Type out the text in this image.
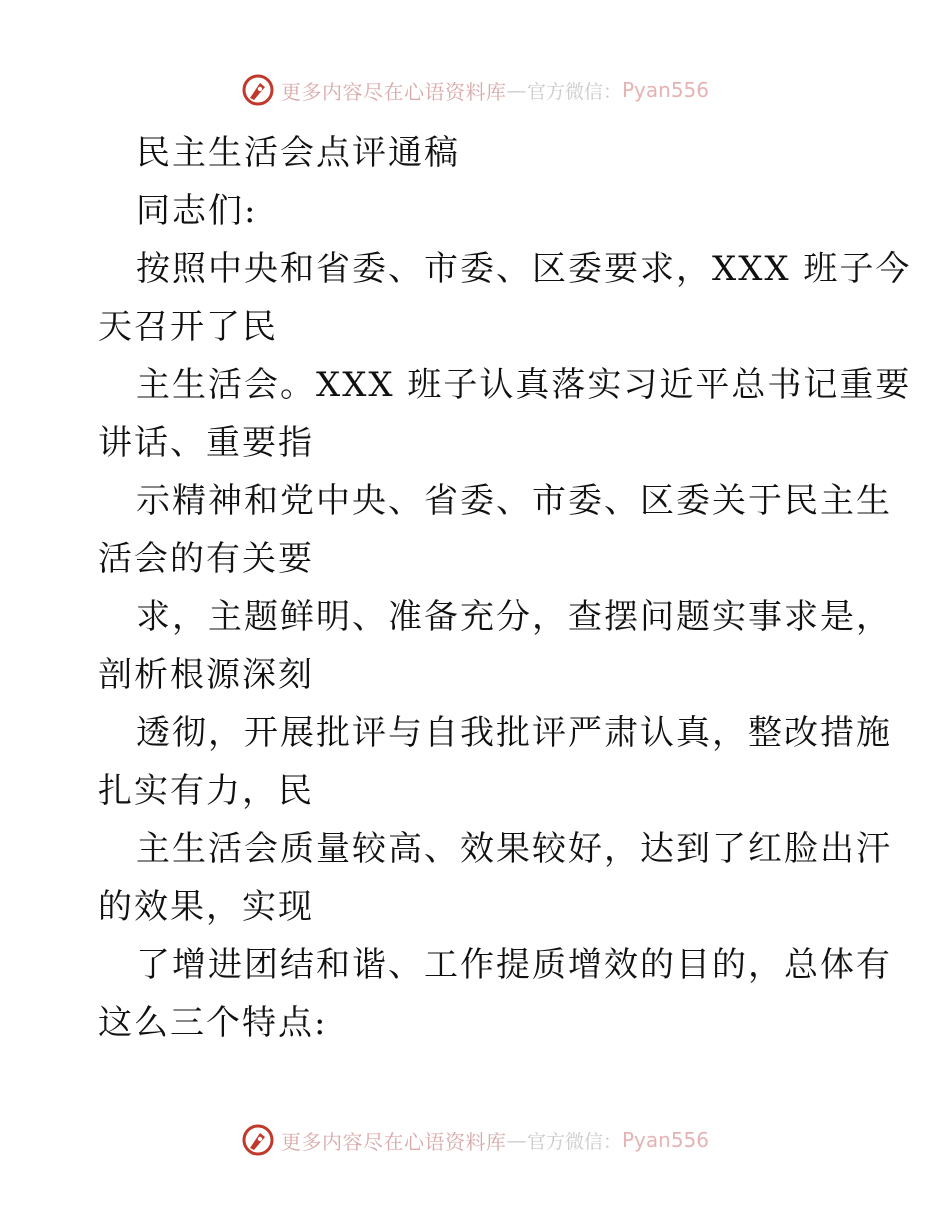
更多内容尽在心语资料库 — 官方微信： Pyan556
民主生活会点评通稿
同志们:
按照中央和省委、市委、区委要求，XXX 班子今
天召开了民
主生活会。XXX 班子认真落实习近平总书记重要
讲话、重要指
示精神和党中央、省委、市委、区委关于民主生
活会的有关要
求，主题鲜明、准备充分，查摆问题实事求是，
剖析根源深刻
透彻，开展批评与自我批评严肃认真，整改措施
扎实有力，民
主生活会质量较高、效果较好，达到了红脸出汗
的效果，实现
了增进团结和谐、工作提质增效的目的，总体有
这么三个特点:
更多内容尽在心语资料库 — 官方微信： Pyan556
